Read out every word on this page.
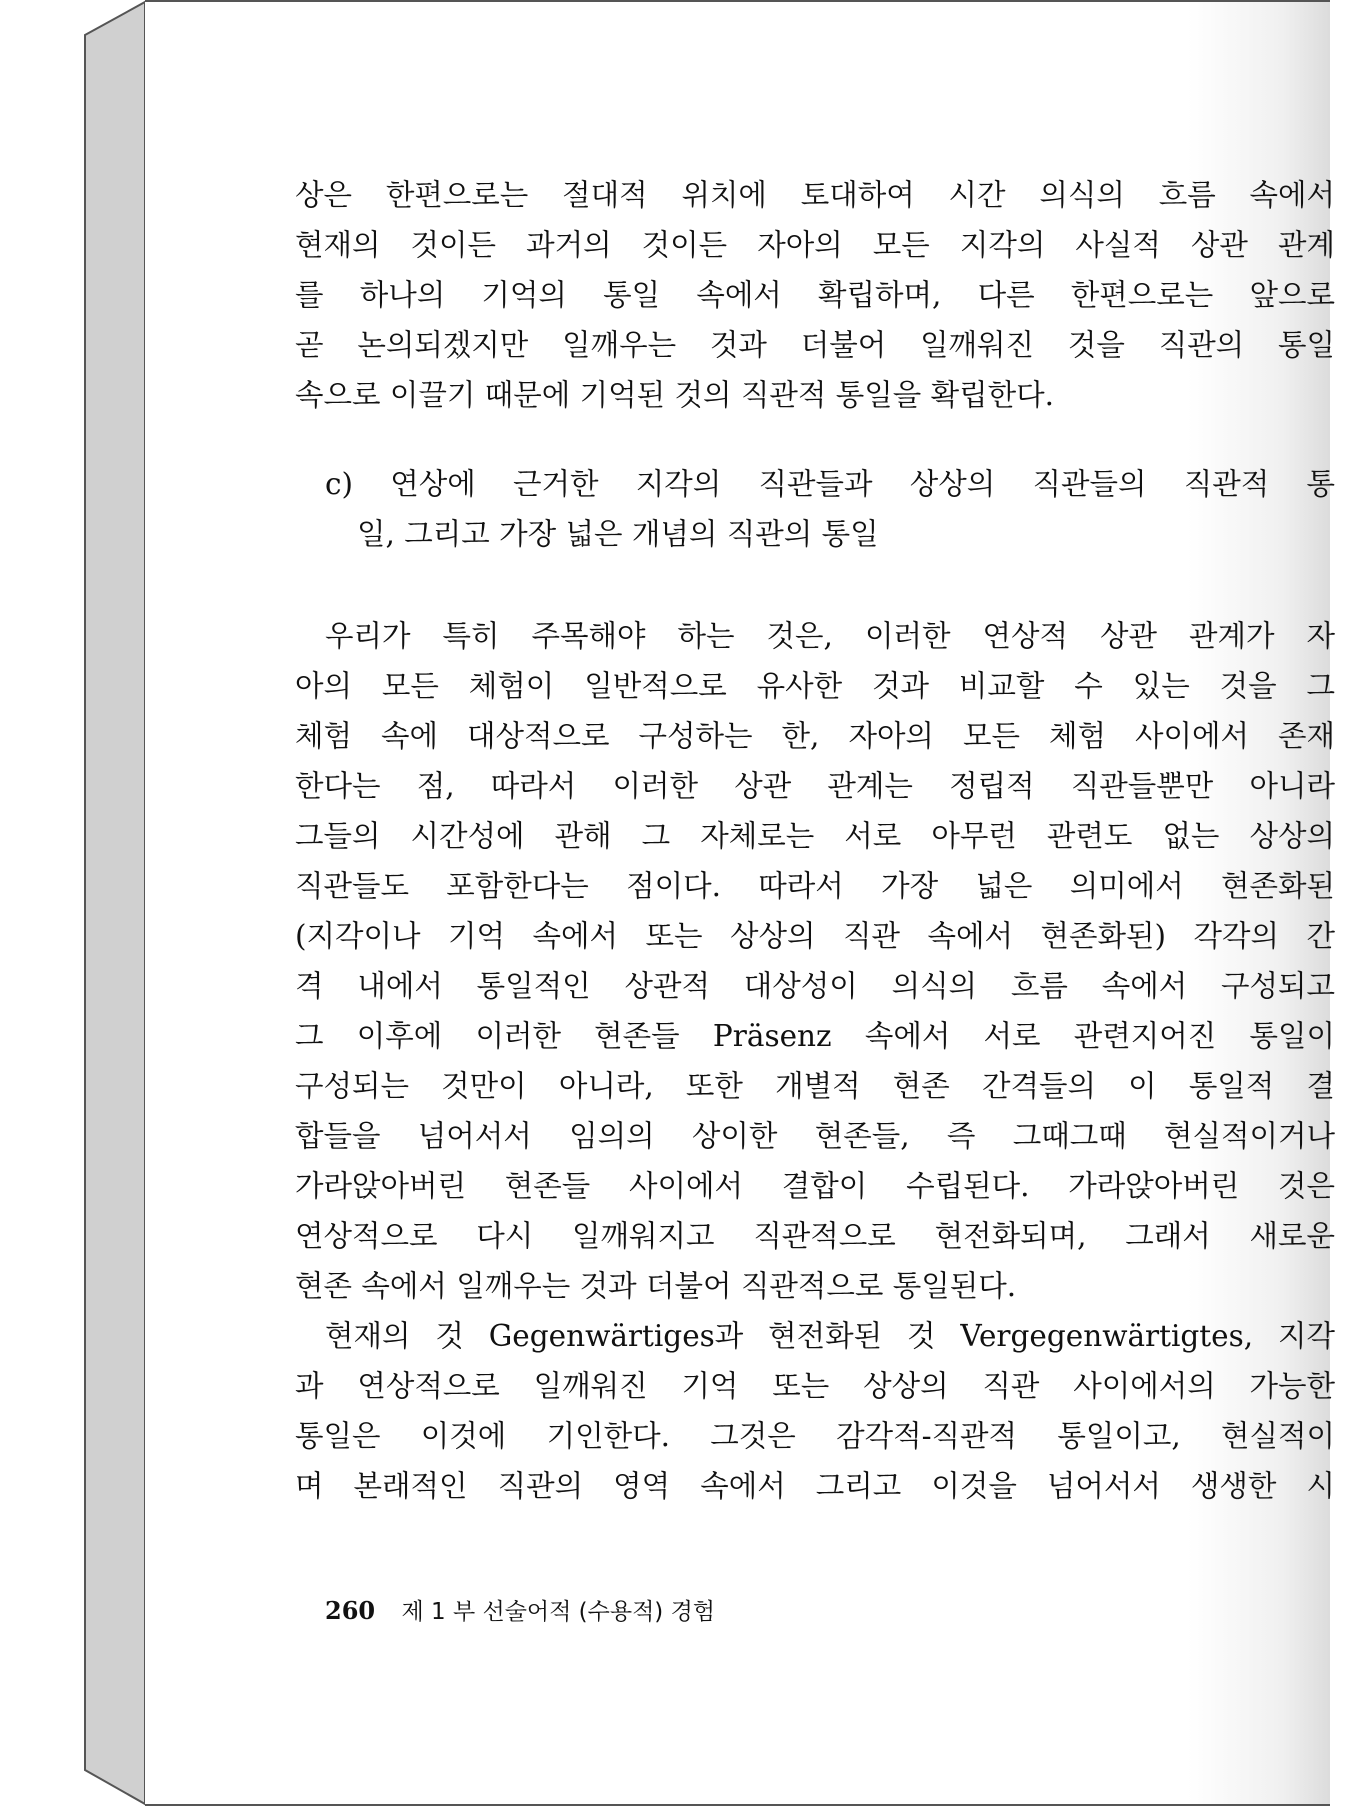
상은 한편으로는 절대적 위치에 토대하여 시간 의식의 흐름 속에서
현재의 것이든 과거의 것이든 자아의 모든 지각의 사실적 상관 관계
를 하나의 기억의 통일 속에서 확립하며, 다른 한편으로는 앞으로
곧 논의되겠지만 일깨우는 것과 더불어 일깨워진 것을 직관의 통일
속으로 이끌기 때문에 기억된 것의 직관적 통일을 확립한다.
c) 연상에 근거한 지각의 직관들과 상상의 직관들의 직관적 통
일, 그리고 가장 넓은 개념의 직관의 통일
우리가 특히 주목해야 하는 것은, 이러한 연상적 상관 관계가 자
아의 모든 체험이 일반적으로 유사한 것과 비교할 수 있는 것을 그
체험 속에 대상적으로 구성하는 한, 자아의 모든 체험 사이에서 존재
한다는 점, 따라서 이러한 상관 관계는 정립적 직관들뿐만 아니라
그들의 시간성에 관해 그 자체로는 서로 아무런 관련도 없는 상상의
직관들도 포함한다는 점이다. 따라서 가장 넓은 의미에서 현존화된
(지각이나 기억 속에서 또는 상상의 직관 속에서 현존화된) 각각의 간
격 내에서 통일적인 상관적 대상성이 의식의 흐름 속에서 구성되고
그 이후에 이러한 현존들 Präsenz 속에서 서로 관련지어진 통일이
구성되는 것만이 아니라, 또한 개별적 현존 간격들의 이 통일적 결
합들을 넘어서서 임의의 상이한 현존들, 즉 그때그때 현실적이거나
가라앉아버린 현존들 사이에서 결합이 수립된다. 가라앉아버린 것은
연상적으로 다시 일깨워지고 직관적으로 현전화되며, 그래서 새로운
현존 속에서 일깨우는 것과 더불어 직관적으로 통일된다.
현재의 것 Gegenwärtiges과 현전화된 것 Vergegenwärtigtes, 지각
과 연상적으로 일깨워진 기억 또는 상상의 직관 사이에서의 가능한
통일은 이것에 기인한다. 그것은 감각적-직관적 통일이고, 현실적이
며 본래적인 직관의 영역 속에서 그리고 이것을 넘어서서 생생한 시
260 제 1 부 선술어적 (수용적) 경험
